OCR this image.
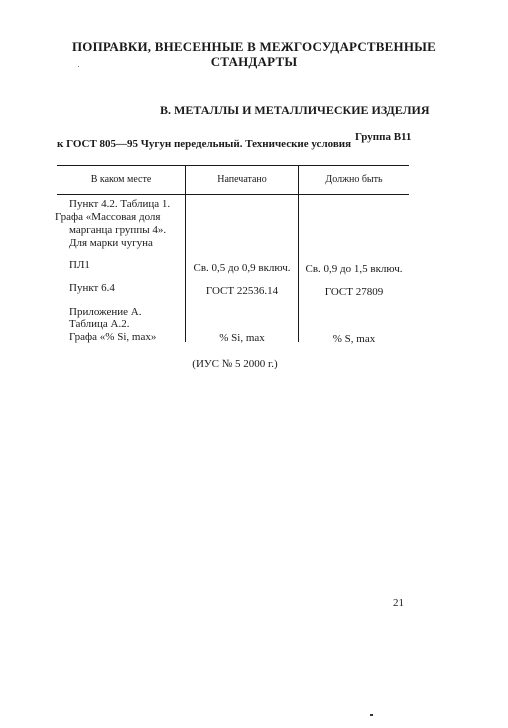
ПОПРАВКИ, ВНЕСЕННЫЕ В МЕЖГОСУДАРСТВЕННЫЕ
СТАНДАРТЫ
В. МЕТАЛЛЫ И МЕТАЛЛИЧЕСКИЕ ИЗДЕЛИЯ
Группа В11
к ГОСТ 805—95 Чугун передельный. Технические условия
В каком месте	Напечатано	Должно быть
Пункт 4.2. Таблица 1.
Графа «Массовая доля
марганца группы 4».
Для марки чугуна
ПЛ1	Св. 0,5 до 0,9 включ.	Св. 0,9 до 1,5 включ.
Пункт 6.4	ГОСТ 22536.14	ГОСТ 27809
Приложение А.
Таблица А.2.
Графа «% Si, max»	% Si, max	% S, max
(ИУС № 5 2000 г.)
21
